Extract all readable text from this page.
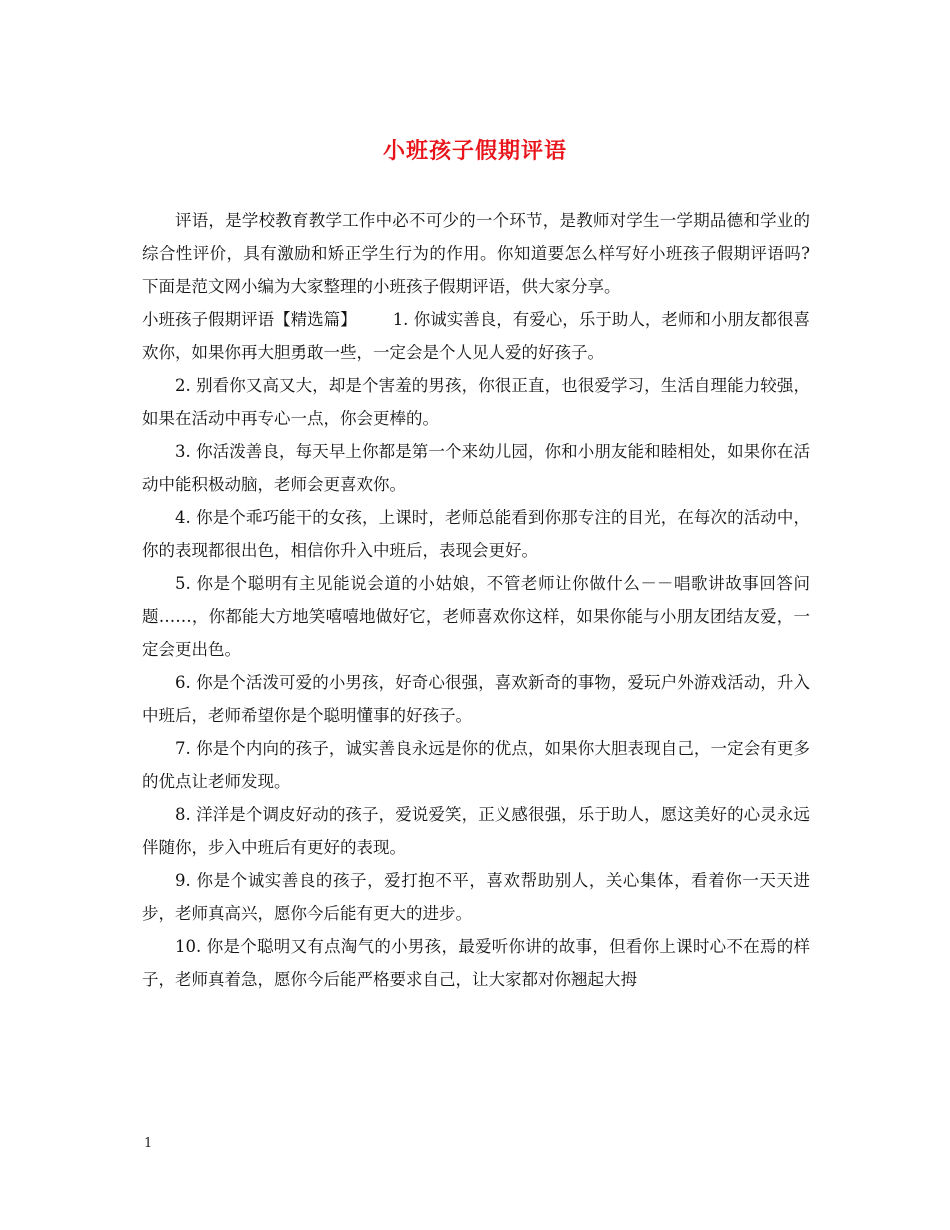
小班孩子假期评语

评语，是学校教育教学工作中必不可少的一个环节，是教师对学生一学期品德和学业的综合性评价，具有激励和矫正学生行为的作用。你知道要怎么样写好小班孩子假期评语吗?下面是范文网小编为大家整理的小班孩子假期评语，供大家分享。

小班孩子假期评语【精选篇】 1. 你诚实善良，有爱心，乐于助人，老师和小朋友都很喜欢你，如果你再大胆勇敢一些，一定会是个人见人爱的好孩子。

2. 别看你又高又大，却是个害羞的男孩，你很正直，也很爱学习，生活自理能力较强，如果在活动中再专心一点，你会更棒的。

3. 你活泼善良，每天早上你都是第一个来幼儿园，你和小朋友能和睦相处，如果你在活动中能积极动脑，老师会更喜欢你。

4. 你是个乖巧能干的女孩，上课时，老师总能看到你那专注的目光，在每次的活动中，你的表现都很出色，相信你升入中班后，表现会更好。

5. 你是个聪明有主见能说会道的小姑娘，不管老师让你做什么－－唱歌讲故事回答问题……，你都能大方地笑嘻嘻地做好它，老师喜欢你这样，如果你能与小朋友团结友爱，一定会更出色。

6. 你是个活泼可爱的小男孩，好奇心很强，喜欢新奇的事物，爱玩户外游戏活动，升入中班后，老师希望你是个聪明懂事的好孩子。

7. 你是个内向的孩子，诚实善良永远是你的优点，如果你大胆表现自己，一定会有更多的优点让老师发现。

8. 洋洋是个调皮好动的孩子，爱说爱笑，正义感很强，乐于助人，愿这美好的心灵永远伴随你，步入中班后有更好的表现。

9. 你是个诚实善良的孩子，爱打抱不平，喜欢帮助别人，关心集体，看着你一天天进步，老师真高兴，愿你今后能有更大的进步。

10. 你是个聪明又有点淘气的小男孩，最爱听你讲的故事，但看你上课时心不在焉的样子，老师真着急，愿你今后能严格要求自己，让大家都对你翘起大拇

1
